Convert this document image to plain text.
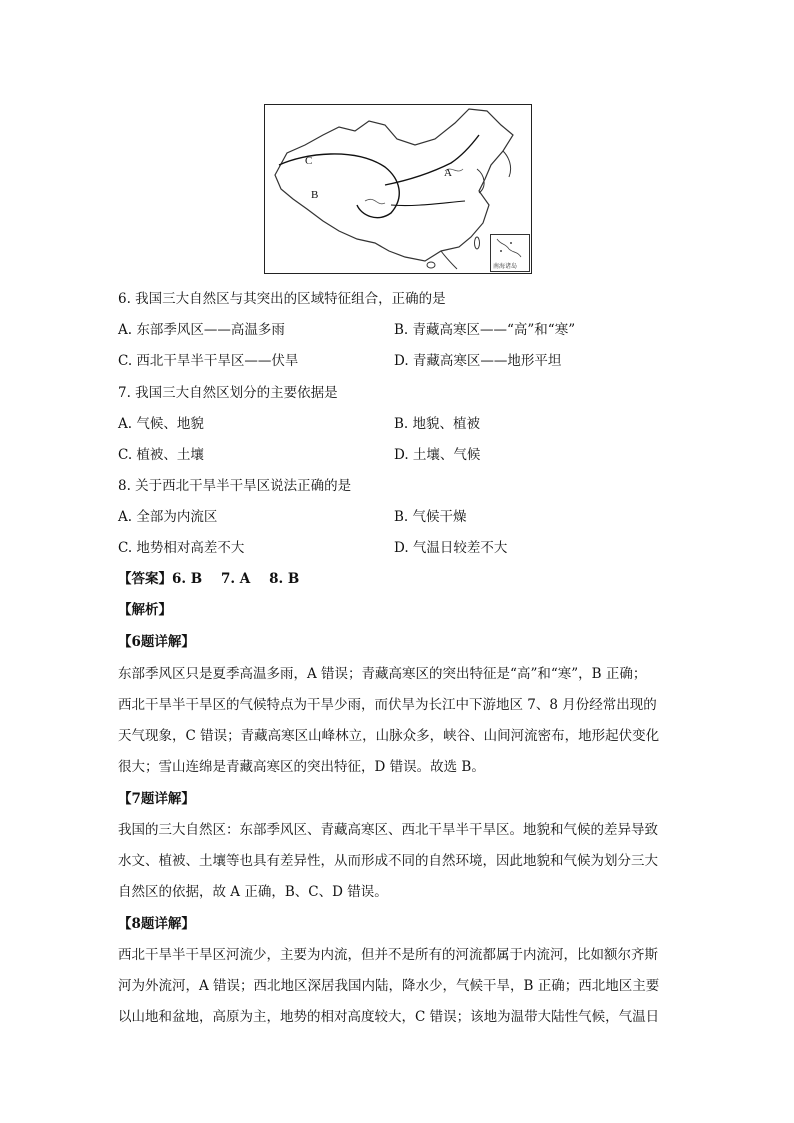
C
B
A
南海诸岛
6. 我国三大自然区与其突出的区域特征组合，正确的是
A. 东部季风区——高温多雨	B. 青藏高寒区——“高”和“寒”
C. 西北干旱半干旱区——伏旱	D. 青藏高寒区——地形平坦
7. 我国三大自然区划分的主要依据是
A. 气候、地貌	B. 地貌、植被
C. 植被、土壤	D. 土壤、气候
8. 关于西北干旱半干旱区说法正确的是
A. 全部为内流区	B. 气候干燥
C. 地势相对高差不大	D. 气温日较差不大
【答案】6. B    7. A    8. B
【解析】
【6题详解】
东部季风区只是夏季高温多雨，A 错误；青藏高寒区的突出特征是“高”和“寒”，B 正确；
西北干旱半干旱区的气候特点为干旱少雨，而伏旱为长江中下游地区 7、8 月份经常出现的
天气现象，C 错误；青藏高寒区山峰林立，山脉众多，峡谷、山间河流密布，地形起伏变化
很大；雪山连绵是青藏高寒区的突出特征，D 错误。故选 B。
【7题详解】
我国的三大自然区：东部季风区、青藏高寒区、西北干旱半干旱区。地貌和气候的差异导致
水文、植被、土壤等也具有差异性，从而形成不同的自然环境，因此地貌和气候为划分三大
自然区的依据，故 A 正确，B、C、D 错误。
【8题详解】
西北干旱半干旱区河流少，主要为内流，但并不是所有的河流都属于内流河，比如额尔齐斯
河为外流河，A 错误；西北地区深居我国内陆，降水少，气候干旱，B 正确；西北地区主要
以山地和盆地，高原为主，地势的相对高度较大，C 错误；该地为温带大陆性气候，气温日
